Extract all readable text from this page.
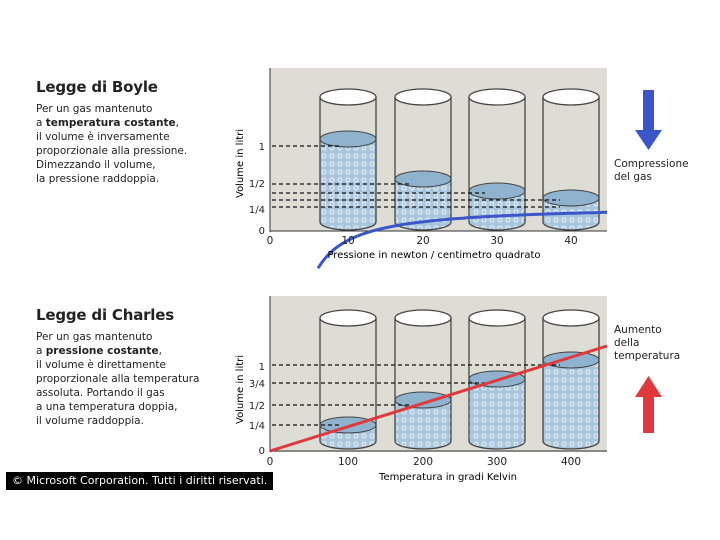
Legge di Boyle

Per un gas mantenuto

a temperatura costante,

il volume è inversamente

proporzionale alla pressione.

Dimezzando il volume,

la pressione raddoppia.

Legge di Charles

Per un gas mantenuto

a pressione costante,

il volume è direttamente

proporzionale alla temperatura

assoluta. Portando il gas

a una temperatura doppia,

il volume raddoppia.

Compressione
del gas
Aumento
della
temperatura
Volume in litri
0
1/4
1/2
1
0	10	20	30	40
Pressione in newton / centimetro quadrato
Volume in litri
0
1/4
1/2
3/4
1
0	100	200	300	400
Temperatura in gradi Kelvin
© Microsoft Corporation. Tutti i diritti riservati.
